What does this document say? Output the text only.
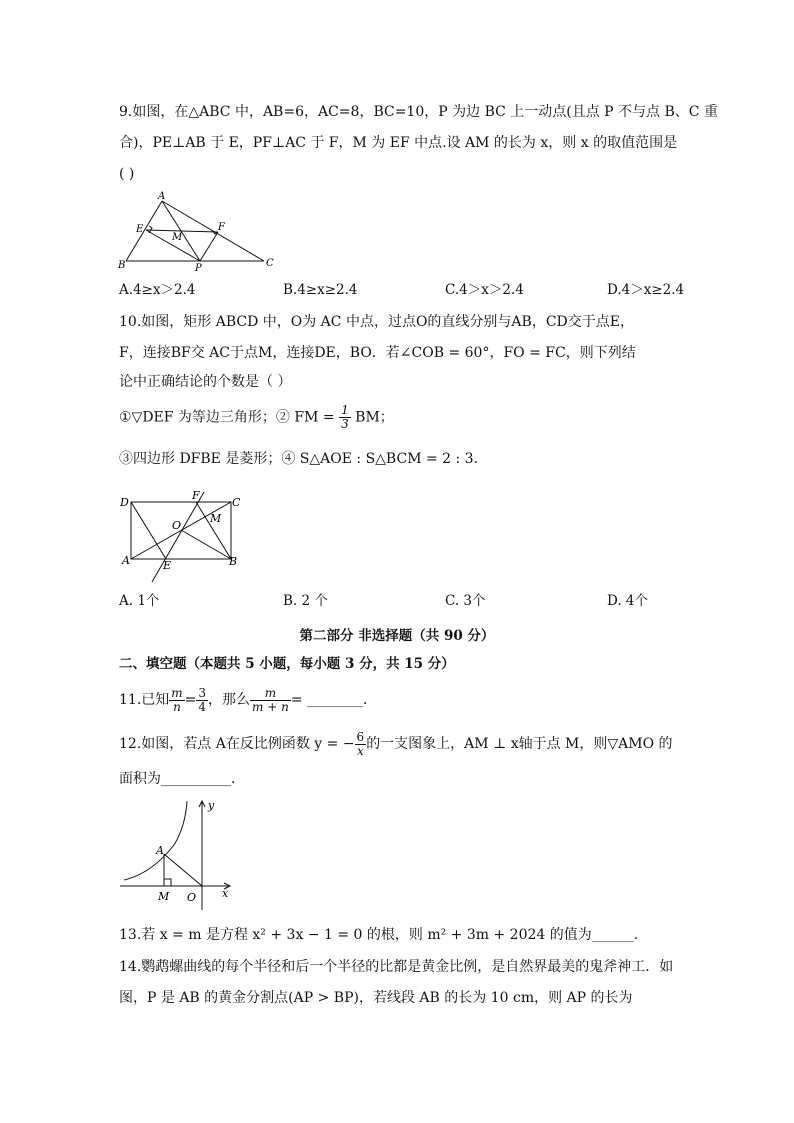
9.如图，在△ABC 中，AB=6，AC=8，BC=10，P 为边 BC 上一动点(且点 P 不与点 B、C 重
合)，PE⊥AB 于 E，PF⊥AC 于 F，M 为 EF 中点.设 AM 的长为 x，则 x 的取值范围是
( )
A
E
M
F
B	P	C
A.4≥x＞2.4	B.4≥x≥2.4	C.4＞x＞2.4	D.4＞x≥2.4
10.如图，矩形 ABCD 中，O为 AC 中点，过点O的直线分别与AB，CD交于点E，
F，连接BF交 AC于点M，连接DE，BO．若∠COB = 60°，FO = FC，则下列结
论中正确结论的个数是（ ）
①▽DEF 为等边三角形；② FM = $\frac{1}{3}$ BM；
③四边形 DFBE 是菱形；④ S△AOE : S△BCM = 2 : 3．
D
F
C
O
M
A	E	B
A. 1个	B. 2 个	C. 3个	D. 4个
第二部分 非选择题（共 90 分）
二、填空题（本题共 5 小题，每小题 3 分，共 15 分）
11.已知 $\frac{m}{n} = \frac{3}{4}$ ，那么 $\frac{m}{m + n}$ = ________．
12.如图，若点 A在反比例函数 y = − $\frac{6}{x}$ 的一支图象上，AM ⊥ x轴于点 M，则▽AMO 的
面积为__________．
y
A
M O x
13.若 x = m 是方程 x² + 3x − 1 = 0 的根，则 m² + 3m + 2024 的值为______．
14.鹦鹉螺曲线的每个半径和后一个半径的比都是黄金比例，是自然界最美的鬼斧神工．如
图，P 是 AB 的黄金分割点(AP > BP)，若线段 AB 的长为 10 cm，则 AP 的长为
